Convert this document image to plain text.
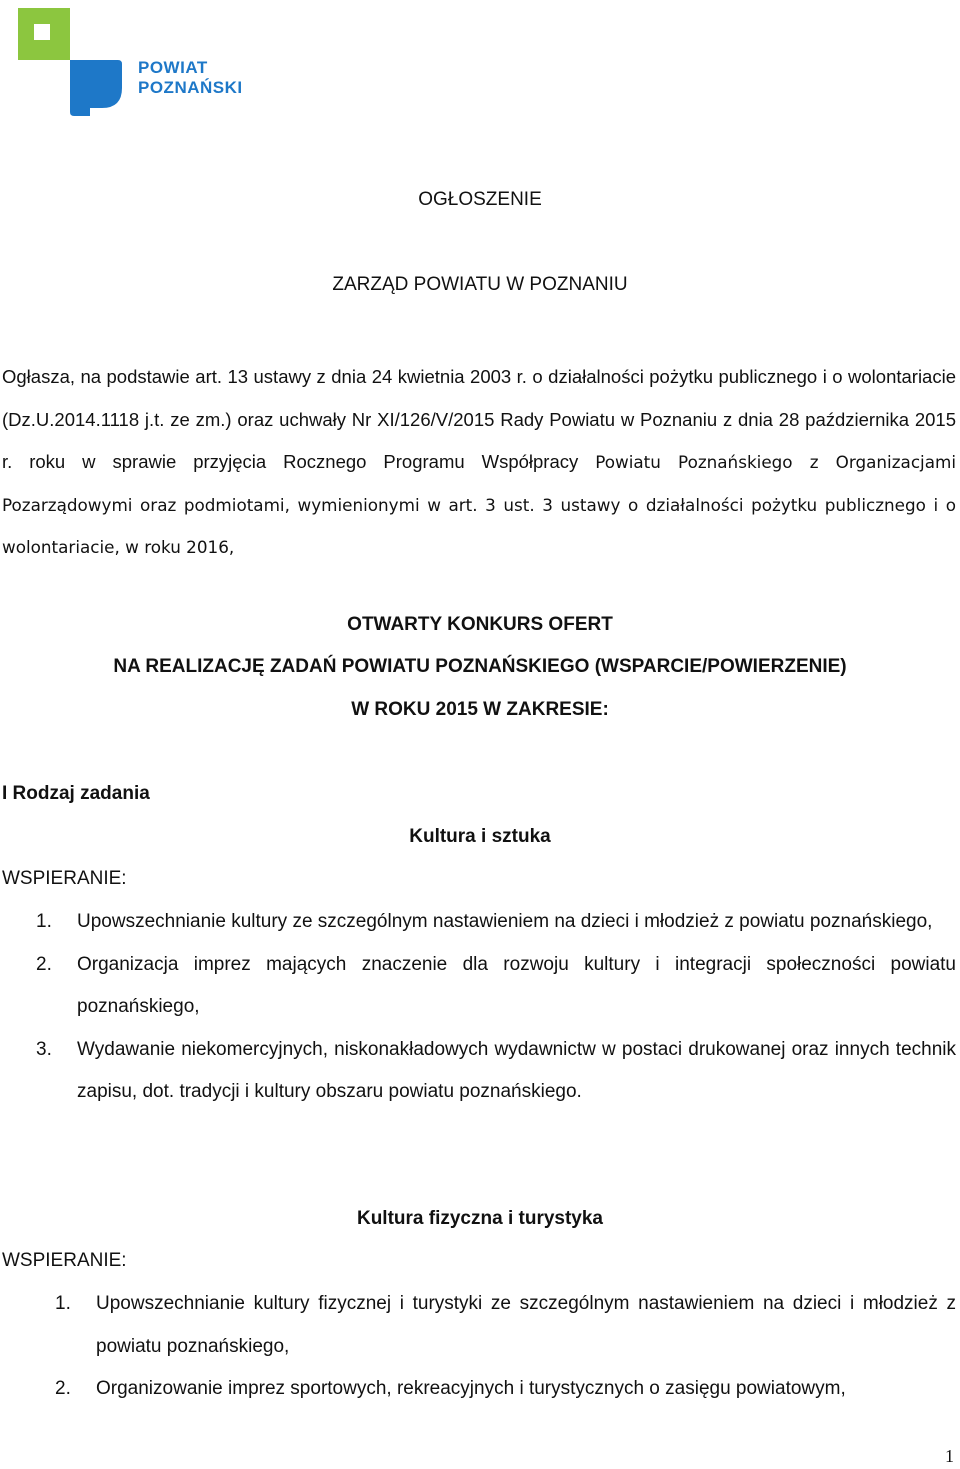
POWIAT
POZNAŃSKI
OGŁOSZENIE
ZARZĄD POWIATU W POZNANIU
Ogłasza, na podstawie art. 13 ustawy z dnia 24 kwietnia 2003 r. o działalności pożytku publicznego i o wolontariacie (Dz.U.2014.1118 j.t. ze zm.) oraz uchwały Nr XI/126/V/2015 Rady Powiatu w Poznaniu z dnia 28 października 2015 r. roku w sprawie przyjęcia Rocznego Programu Współpracy Powiatu Poznańskiego z Organizacjami Pozarządowymi oraz podmiotami, wymienionymi w art. 3 ust. 3 ustawy o działalności pożytku publicznego i o wolontariacie, w roku 2016,
OTWARTY KONKURS OFERT
NA REALIZACJĘ ZADAŃ POWIATU POZNAŃSKIEGO (WSPARCIE/POWIERZENIE)
W ROKU 2015 W ZAKRESIE:
I Rodzaj zadania
Kultura i sztuka
WSPIERANIE:
1.	Upowszechnianie kultury ze szczególnym nastawieniem na dzieci i młodzież z powiatu poznańskiego,
2.	Organizacja imprez mających znaczenie dla rozwoju kultury i integracji społeczności powiatu poznańskiego,
3.	Wydawanie niekomercyjnych, niskonakładowych wydawnictw w postaci drukowanej oraz innych technik zapisu, dot. tradycji i kultury obszaru powiatu poznańskiego.
Kultura fizyczna i turystyka
WSPIERANIE:
1.	Upowszechnianie kultury fizycznej i turystyki ze szczególnym nastawieniem na dzieci i młodzież z powiatu poznańskiego,
2.	Organizowanie imprez sportowych, rekreacyjnych i turystycznych o zasięgu powiatowym,
1
